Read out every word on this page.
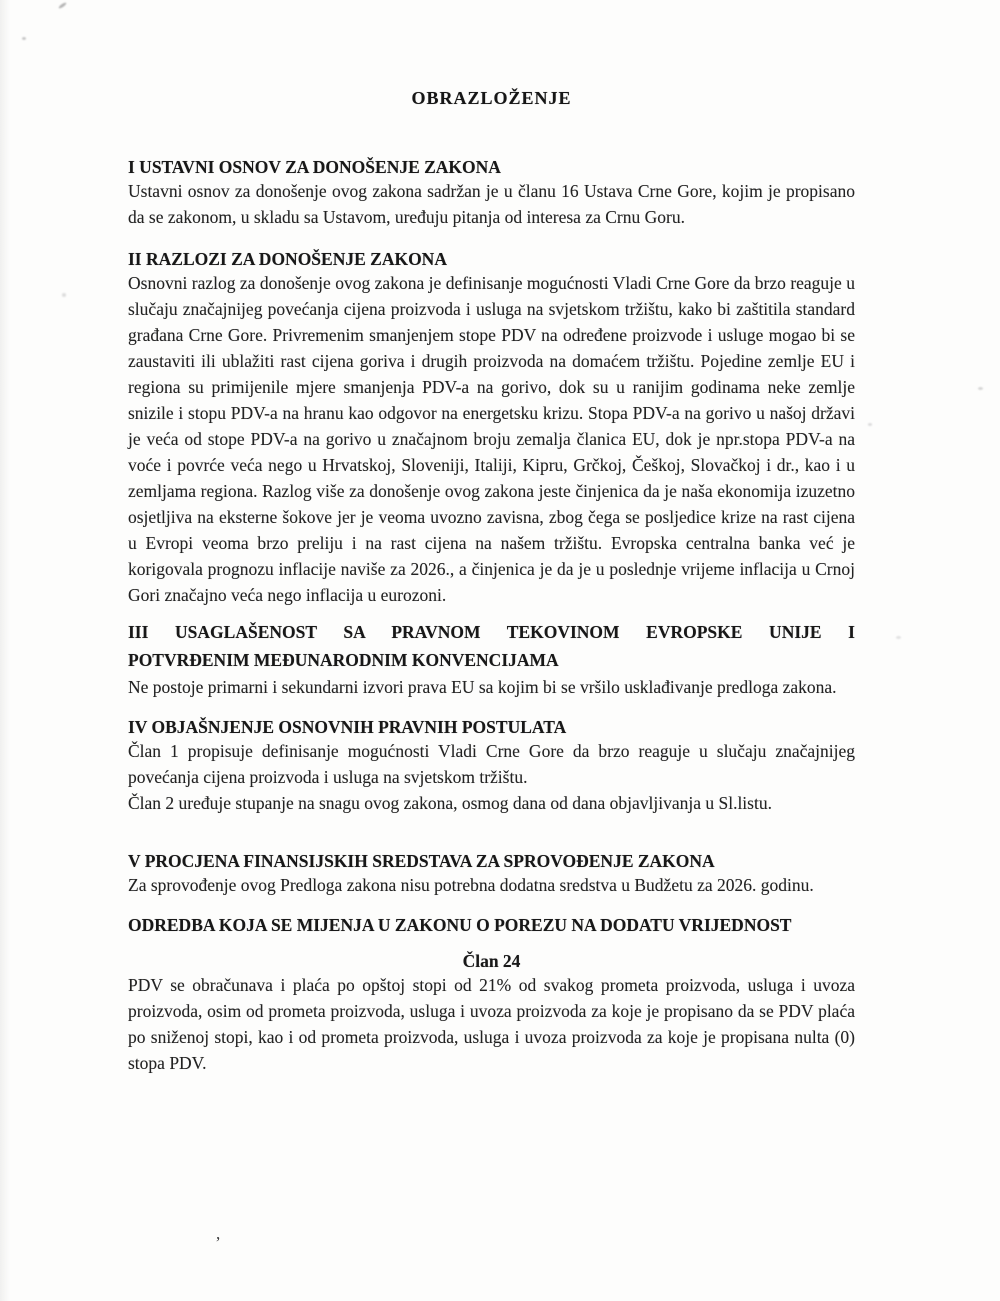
OBRAZLOŽENJE
I USTAVNI OSNOV ZA DONOŠENJE ZAKONA

Ustavni osnov za donošenje ovog zakona sadržan je u članu 16 Ustava Crne Gore, kojim je propisano da se zakonom, u skladu sa Ustavom, uređuju pitanja od interesa za Crnu Goru.

II RAZLOZI ZA DONOŠENJE ZAKONA

Osnovni razlog za donošenje ovog zakona je definisanje mogućnosti Vladi Crne Gore da brzo reaguje u slučaju značajnijeg povećanja cijena proizvoda i usluga na svjetskom tržištu, kako bi zaštitila standard građana Crne Gore. Privremenim smanjenjem stope PDV na određene proizvode i usluge mogao bi se zaustaviti ili ublažiti rast cijena goriva i drugih proizvoda na domaćem tržištu. Pojedine zemlje EU i regiona su primijenile mjere smanjenja PDV-a na gorivo, dok su u ranijim godinama neke zemlje snizile i stopu PDV-a na hranu kao odgovor na energetsku krizu. Stopa PDV-a na gorivo u našoj državi je veća od stope PDV-a na gorivo u značajnom broju zemalja članica EU, dok je npr.stopa PDV-a na voće i povrće veća nego u Hrvatskoj, Sloveniji, Italiji, Kipru, Grčkoj, Češkoj, Slovačkoj i dr., kao i u zemljama regiona. Razlog više za donošenje ovog zakona jeste činjenica da je naša ekonomija izuzetno osjetljiva na eksterne šokove jer je veoma uvozno zavisna, zbog čega se posljedice krize na rast cijena u Evropi veoma brzo preliju i na rast cijena na našem tržištu. Evropska centralna banka već je korigovala prognozu inflacije naviše za 2026., a činjenica je da je u poslednje vrijeme inflacija u Crnoj Gori značajno veća nego inflacija u eurozoni.

III USAGLAŠENOST SA PRAVNOM TEKOVINOM EVROPSKE UNIJE I
POTVRĐENIM MEĐUNARODNIM KONVENCIJAMA

Ne postoje primarni i sekundarni izvori prava EU sa kojim bi se vršilo usklađivanje predloga zakona.

IV OBJAŠNJENJE OSNOVNIH PRAVNIH POSTULATA

Član 1 propisuje definisanje mogućnosti Vladi Crne Gore da brzo reaguje u slučaju značajnijeg povećanja cijena proizvoda i usluga na svjetskom tržištu.

Član 2 uređuje stupanje na snagu ovog zakona, osmog dana od dana objavljivanja u Sl.listu.

V PROCJENA FINANSIJSKIH SREDSTAVA ZA SPROVOĐENJE ZAKONA

Za sprovođenje ovog Predloga zakona nisu potrebna dodatna sredstva u Budžetu za 2026. godinu.

ODREDBA KOJA SE MIJENJA U ZAKONU O POREZU NA DODATU VRIJEDNOST
Član 24

PDV se obračunava i plaća po opštoj stopi od 21% od svakog prometa proizvoda, usluga i uvoza proizvoda, osim od prometa proizvoda, usluga i uvoza proizvoda za koje je propisano da se PDV plaća po sniženoj stopi, kao i od prometa proizvoda, usluga i uvoza proizvoda za koje je propisana nulta (0) stopa PDV.

,
